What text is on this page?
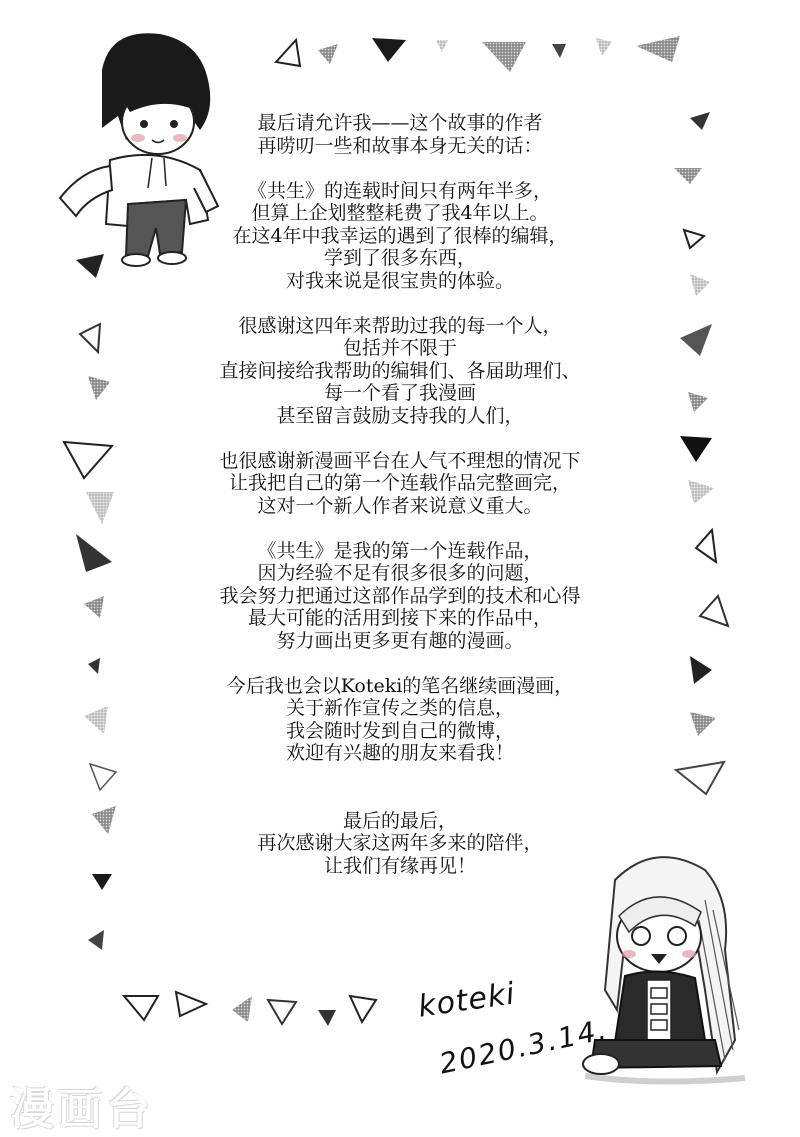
最后请允许我——这个故事的作者
再唠叨一些和故事本身无关的话：
《共生》的连载时间只有两年半多，
但算上企划整整耗费了我4年以上。
在这4年中我幸运的遇到了很棒的编辑，
学到了很多东西，
对我来说是很宝贵的体验。
很感谢这四年来帮助过我的每一个人，
包括并不限于
直接间接给我帮助的编辑们、各届助理们、
每一个看了我漫画
甚至留言鼓励支持我的人们，
也很感谢新漫画平台在人气不理想的情况下
让我把自己的第一个连载作品完整画完，
这对一个新人作者来说意义重大。
《共生》是我的第一个连载作品，
因为经验不足有很多很多的问题，
我会努力把通过这部作品学到的技术和心得
最大可能的活用到接下来的作品中，
努力画出更多更有趣的漫画。
今后我也会以Koteki的笔名继续画漫画，
关于新作宣传之类的信息，
我会随时发到自己的微博，
欢迎有兴趣的朋友来看我！
最后的最后，
再次感谢大家这两年多来的陪伴，
让我们有缘再见！
koteki
2020.3.14.
漫画台
